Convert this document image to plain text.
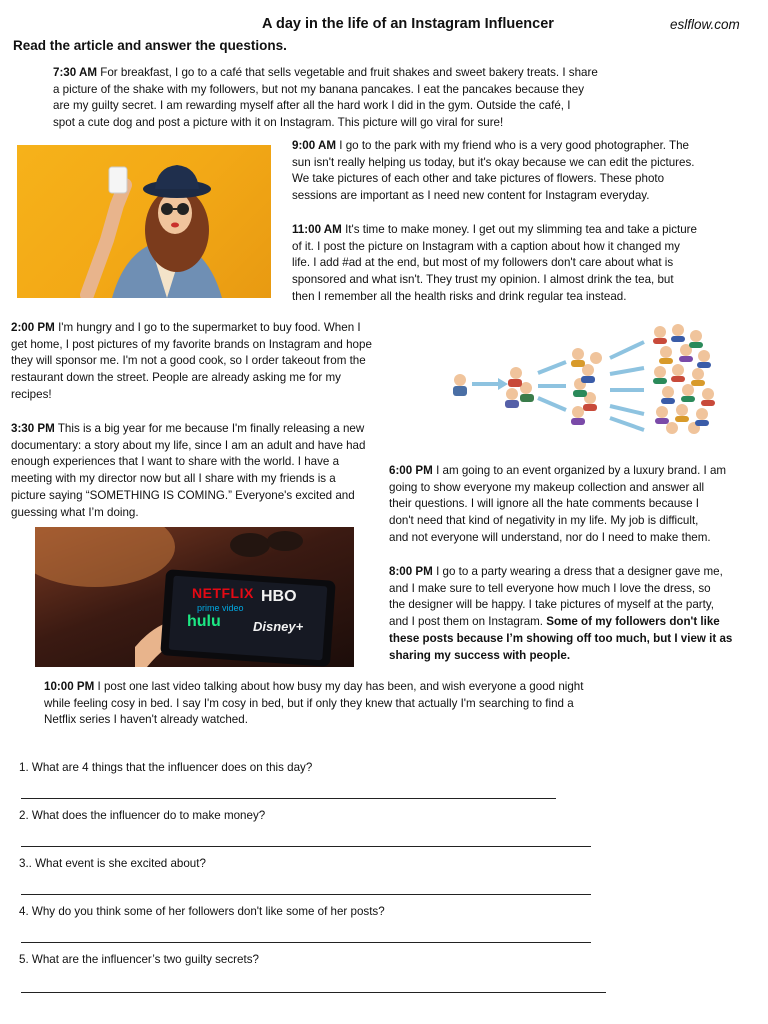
A day in the life of an Instagram Influencer	eslflow.com
Read the article and answer the questions.
7:30 AM For breakfast, I go to a café that sells vegetable and fruit shakes and sweet bakery treats. I share
a picture of the shake with my followers, but not my banana pancakes. I eat the pancakes because they
are my guilty secret. I am rewarding myself after all the hard work I did in the gym. Outside the café, I
spot a cute dog and post a picture with it on Instagram. This picture will go viral for sure!
9:00 AM I go to the park with my friend who is a very good photographer. The
sun isn't really helping us today, but it's okay because we can edit the pictures.
We take pictures of each other and take pictures of flowers. These photo
sessions are important as I need new content for Instagram everyday.
11:00 AM It's time to make money. I get out my slimming tea and take a picture
of it. I post the picture on Instagram with a caption about how it changed my
life. I add #ad at the end, but most of my followers don't care about what is
sponsored and what isn't. They trust my opinion. I almost drink the tea, but
then I remember all the health risks and drink regular tea instead.
2:00 PM I'm hungry and I go to the supermarket to buy food. When I
get home, I post pictures of my favorite brands on Instagram and hope
they will sponsor me. I'm not a good cook, so I order takeout from the
restaurant down the street. People are already asking me for my
recipes!
3:30 PM This is a big year for me because I'm finally releasing a new
documentary: a story about my life, since I am an adult and have had
enough experiences that I want to share with the world. I have a
meeting with my director now but all I share with my friends is a
picture saying “SOMETHING IS COMING.” Everyone's excited and
guessing what I’m doing.
6:00 PM I am going to an event organized by a luxury brand. I am
going to show everyone my makeup collection and answer all
their questions. I will ignore all the hate comments because I
don't need that kind of negativity in my life. My job is difficult,
and not everyone will understand, nor do I need to make them.
NETFLIX HBO
prime video
hulu Disney+
8:00 PM I go to a party wearing a dress that a designer gave me,
and I make sure to tell everyone how much I love the dress, so
the designer will be happy. I take pictures of myself at the party,
and I post them on Instagram. Some of my followers don't like
these posts because I’m showing off too much, but I view it as
sharing my success with people.
10:00 PM I post one last video talking about how busy my day has been, and wish everyone a good night
while feeling cosy in bed. I say I'm cosy in bed, but if only they knew that actually I'm searching to find a
Netflix series I haven't already watched.
1. What are 4 things that the influencer does on this day?
2. What does the influencer do to make money?
3.. What event is she excited about?
4. Why do you think some of her followers don't like some of her posts?
5. What are the influencer’s two guilty secrets?
